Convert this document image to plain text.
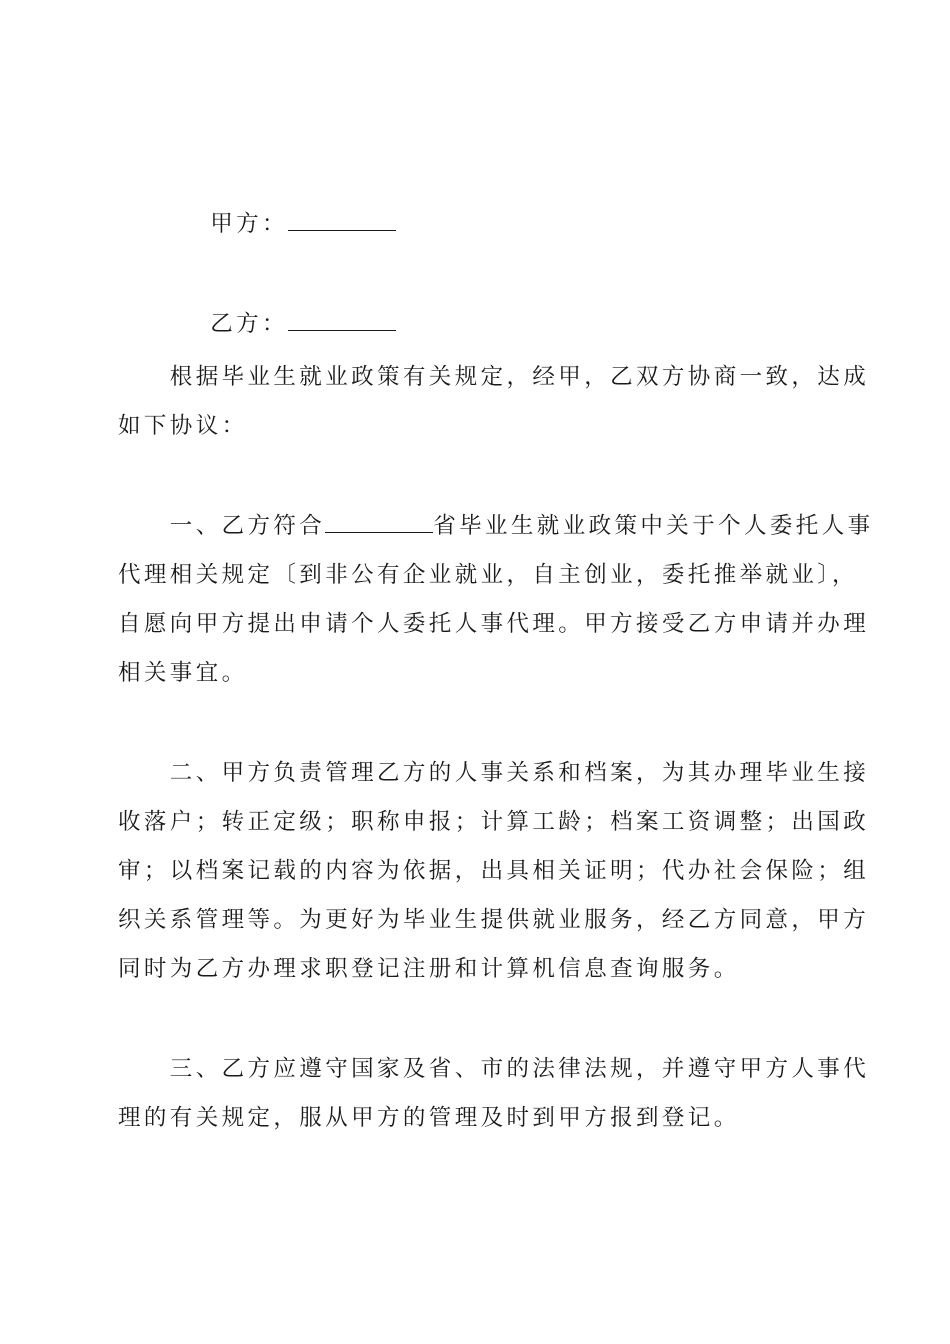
甲方：

乙方：

　　根据毕业生就业政策有关规定，经甲，乙双方协商一致，达成
如下协议：
　　一、乙方符合	省毕业生就业政策中关于个人委托人事
代理相关规定〔到非公有企业就业，自主创业，委托推举就业〕，
自愿向甲方提出申请个人委托人事代理。甲方接受乙方申请并办理
相关事宜。
　　二、甲方负责管理乙方的人事关系和档案，为其办理毕业生接
收落户；转正定级；职称申报；计算工龄；档案工资调整；出国政
审；以档案记载的内容为依据，出具相关证明；代办社会保险；组
织关系管理等。为更好为毕业生提供就业服务，经乙方同意，甲方
同时为乙方办理求职登记注册和计算机信息查询服务。
　　三、乙方应遵守国家及省、市的法律法规，并遵守甲方人事代
理的有关规定，服从甲方的管理及时到甲方报到登记。
